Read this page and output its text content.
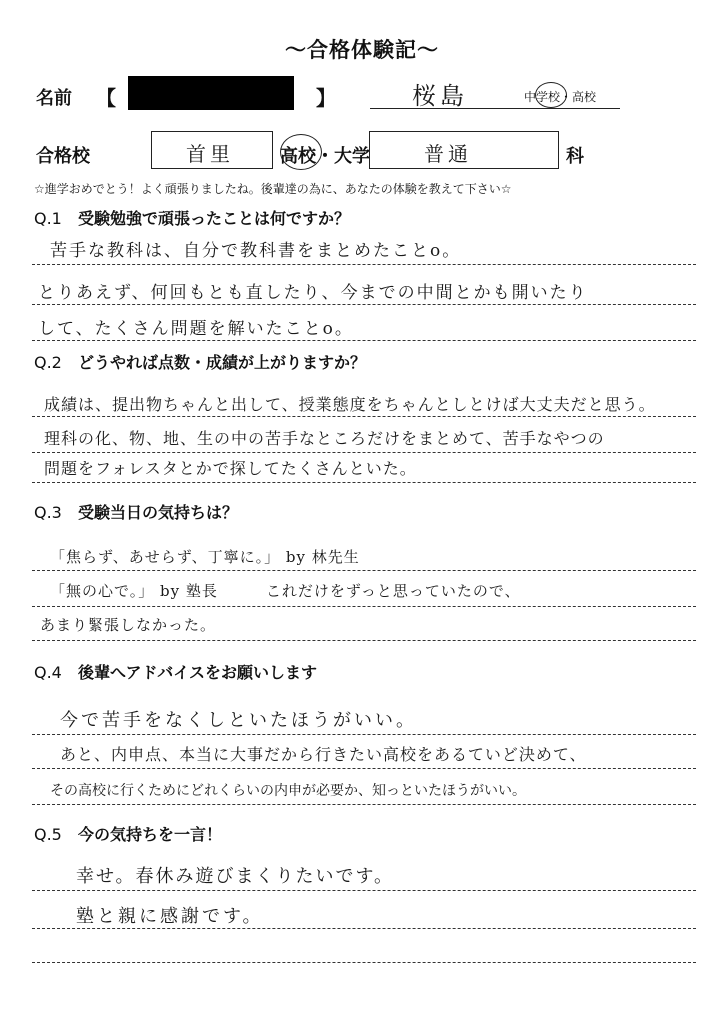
〜合格体験記〜
名前 【	】	桜島	中学校・高校
合格校	首里	高校・大学	普通	科
☆進学おめでとう！よく頑張りましたね。後輩達の為に、あなたの体験を教えて下さい☆
Q.1 受験勉強で頑張ったことは何ですか？
苦手な教科は、自分で教科書をまとめたことo。
とりあえず、何回もとも直したり、今までの中間とかも開いたり
して、たくさん問題を解いたことo。
Q.2 どうやれば点数・成績が上がりますか？
成績は、提出物ちゃんと出して、授業態度をちゃんとしとけば大丈夫だと思う。
理科の化、物、地、生の中の苦手なところだけをまとめて、苦手なやつの
問題をフォレスタとかで探してたくさんといた。
Q.3 受験当日の気持ちは？
「焦らず、あせらず、丁寧に。」 by 林先生
「無の心で。」 by 塾長　　　これだけをずっと思っていたので、
あまり緊張しなかった。
Q.4 後輩へアドバイスをお願いします
今で苦手をなくしといたほうがいい。
あと、内申点、本当に大事だから行きたい高校をあるていど決めて、
その高校に行くためにどれくらいの内申が必要か、知っといたほうがいい。
Q.5 今の気持ちを一言！
幸せ。春休み遊びまくりたいです。
塾と親に感謝です。
